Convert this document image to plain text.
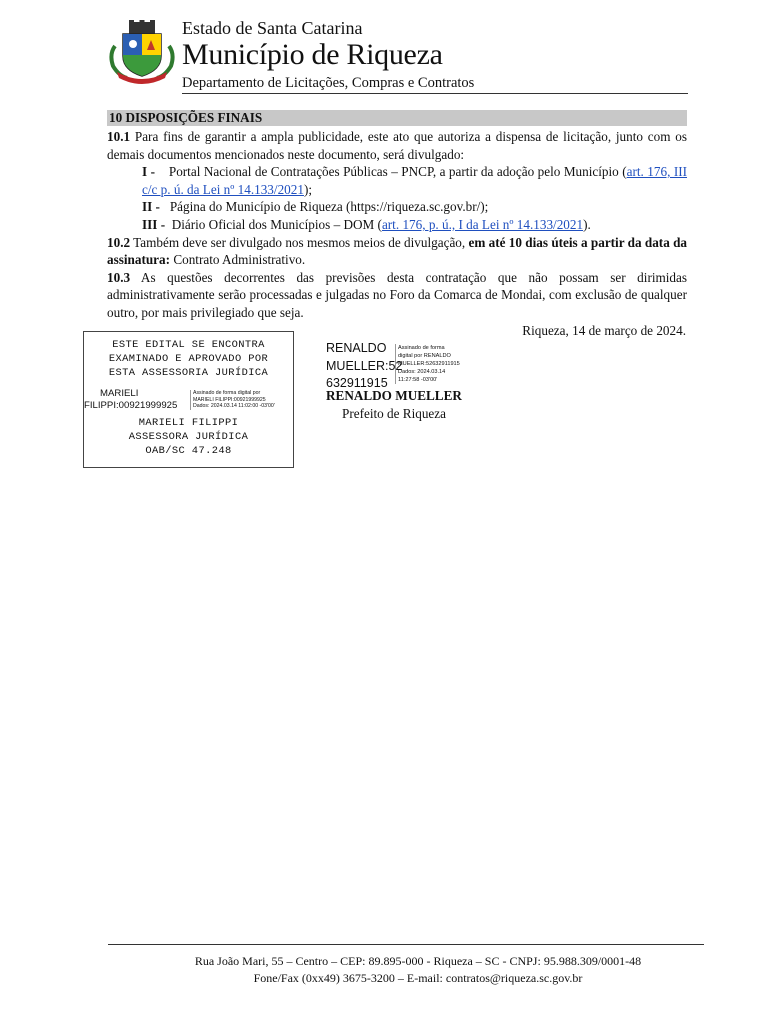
Estado de Santa Catarina
Município de Riqueza
Departamento de Licitações, Compras e Contratos
10 DISPOSIÇÕES FINAIS

10.1 Para fins de garantir a ampla publicidade, este ato que autoriza a dispensa de licitação, junto com os demais documentos mencionados neste documento, será divulgado:

I - Portal Nacional de Contratações Públicas – PNCP, a partir da adoção pelo Município (art. 176, III c/c p. ú. da Lei nº 14.133/2021);

II - Página do Município de Riqueza (https://riqueza.sc.gov.br/);

III - Diário Oficial dos Municípios – DOM (art. 176, p. ú., I da Lei nº 14.133/2021).

10.2 Também deve ser divulgado nos mesmos meios de divulgação, em até 10 dias úteis a partir da data da assinatura: Contrato Administrativo.

10.3 As questões decorrentes das previsões desta contratação que não possam ser dirimidas administrativamente serão processadas e julgadas no Foro da Comarca de Mondai, com exclusão de qualquer outro, por mais privilegiado que seja.

Riqueza, 14 de março de 2024.
ESTE EDITAL SE ENCONTRA
EXAMINADO E APROVADO POR
ESTA ASSESSORIA JURÍDICA
MARIELI
FILIPPI:00921999925
Assinado de forma digital por
MARIELI FILIPPI:00921999925
Dados: 2024.03.14 11:02:00 -03'00'
MARIELI FILIPPI
ASSESSORA JURÍDICA
OAB/SC 47.248
RENALDO
MUELLER:52
632911915
Assinado de forma
digital por RENALDO
MUELLER:52632911915
Dados: 2024.03.14
11:27:58 -03'00'
RENALDO MUELLER
Prefeito de Riqueza
Rua João Mari, 55 – Centro – CEP: 89.895-000 - Riqueza – SC - CNPJ: 95.988.309/0001-48
Fone/Fax (0xx49) 3675-3200 – E-mail: contratos@riqueza.sc.gov.br
